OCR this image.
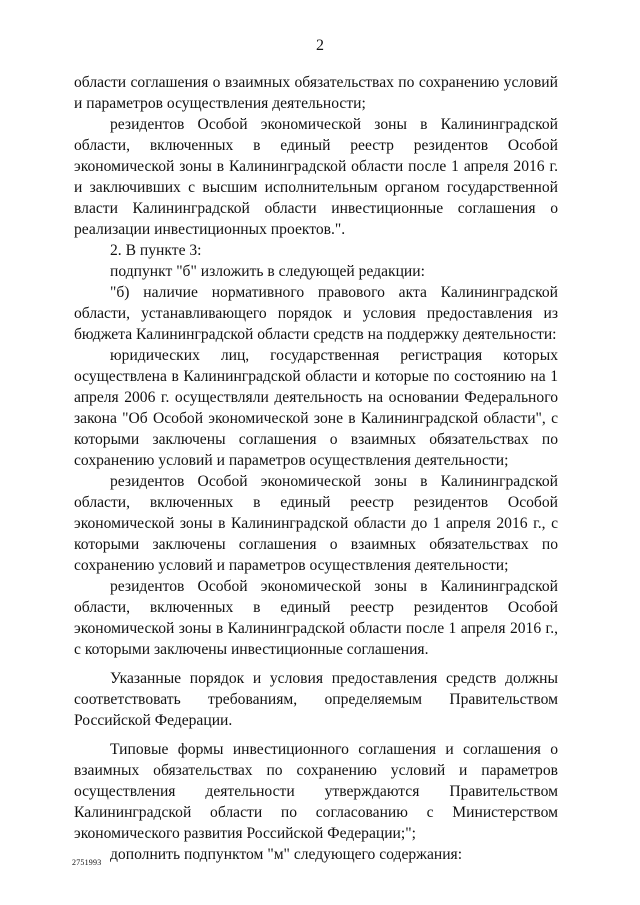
2

области соглашения о взаимных обязательствах по сохранению условий и параметров осуществления деятельности;

резидентов Особой экономической зоны в Калининградской области, включенных в единый реестр резидентов Особой экономической зоны в Калининградской области после 1 апреля 2016 г. и заключивших с высшим исполнительным органом государственной власти Калининградской области инвестиционные соглашения о реализации инвестиционных проектов.".

2. В пункте 3:

подпункт "б" изложить в следующей редакции:

"б) наличие нормативного правового акта Калининградской области, устанавливающего порядок и условия предоставления из бюджета Калининградской области средств на поддержку деятельности:

юридических лиц, государственная регистрация которых осуществлена в Калининградской области и которые по состоянию на 1 апреля 2006 г. осуществляли деятельность на основании Федерального закона "Об Особой экономической зоне в Калининградской области", с которыми заключены соглашения о взаимных обязательствах по сохранению условий и параметров осуществления деятельности;

резидентов Особой экономической зоны в Калининградской области, включенных в единый реестр резидентов Особой экономической зоны в Калининградской области до 1 апреля 2016 г., с которыми заключены соглашения о взаимных обязательствах по сохранению условий и параметров осуществления деятельности;

резидентов Особой экономической зоны в Калининградской области, включенных в единый реестр резидентов Особой экономической зоны в Калининградской области после 1 апреля 2016 г., с которыми заключены инвестиционные соглашения.

Указанные порядок и условия предоставления средств должны соответствовать требованиям, определяемым Правительством Российской Федерации.

Типовые формы инвестиционного соглашения и соглашения о взаимных обязательствах по сохранению условий и параметров осуществления деятельности утверждаются Правительством Калининградской области по согласованию с Министерством экономического развития Российской Федерации;";

дополнить подпунктом "м" следующего содержания:

2751993
